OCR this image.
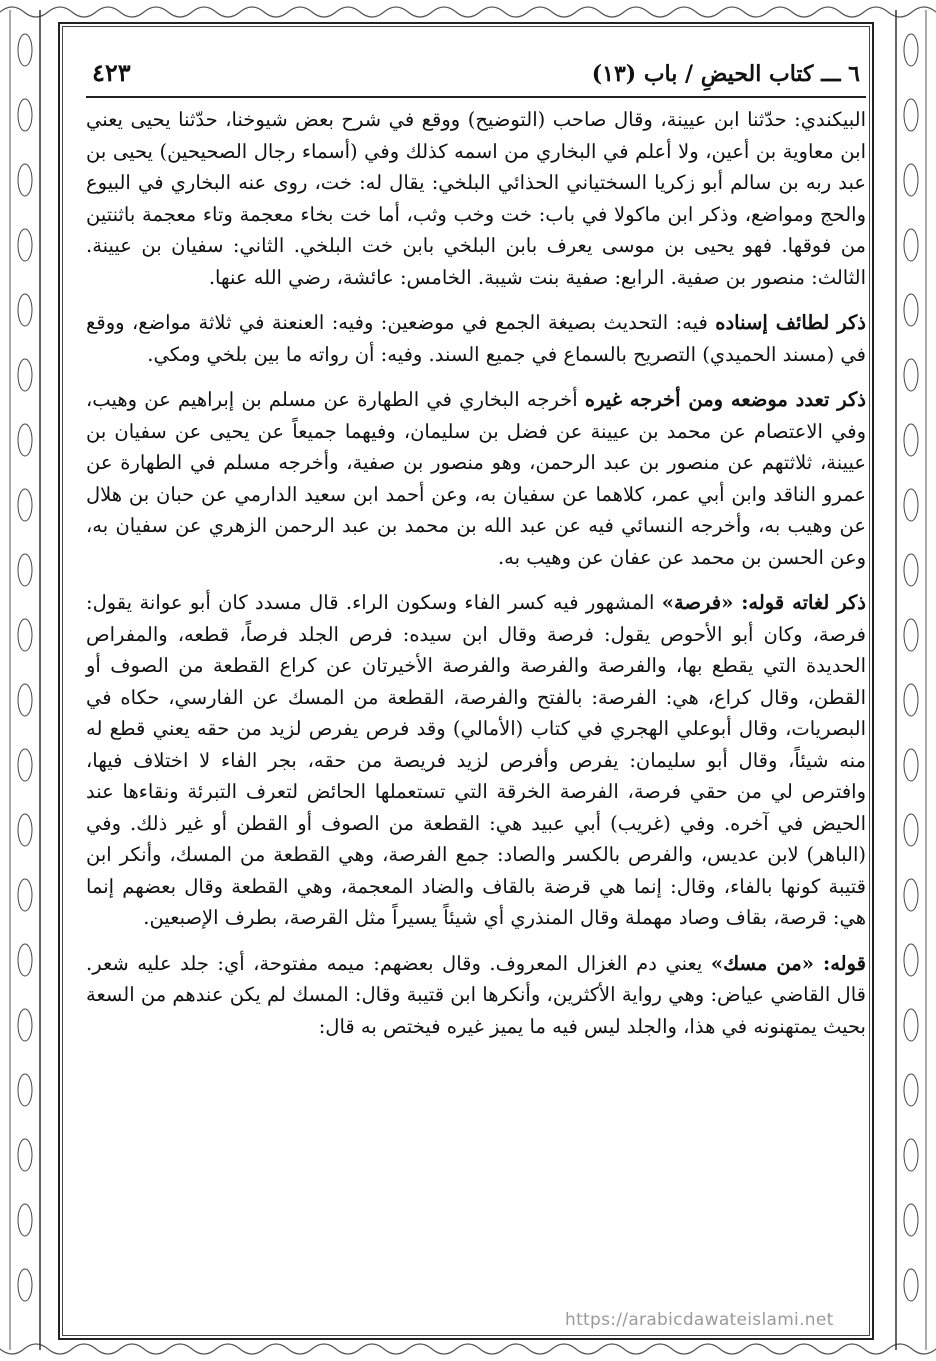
٦ ـــ كتاب الحيضِ / باب (١٣)
٤٢٣

البيكندي: حدّثنا ابن عيينة، وقال صاحب (التوضيح) ووقع في شرح بعض شيوخنا، حدّثنا يحيى يعني ابن معاوية بن أعين، ولا أعلم في البخاري من اسمه كذلك وفي (أسماء رجال الصحيحين) يحيى بن عبد ربه بن سالم أبو زكريا السختياني الحذائي البلخي: يقال له: خت، روى عنه البخاري في البيوع والحج ومواضع، وذكر ابن ماكولا في باب: خت وخب وثب، أما خت بخاء معجمة وتاء معجمة باثنتين من فوقها. فهو يحيى بن موسى يعرف بابن البلخي بابن خت البلخي. الثاني: سفيان بن عيينة. الثالث: منصور بن صفية. الرابع: صفية بنت شيبة. الخامس: عائشة، رضي الله عنها.

ذكر لطائف إسناده فيه: التحديث بصيغة الجمع في موضعين: وفيه: العنعنة في ثلاثة مواضع، ووقع في (مسند الحميدي) التصريح بالسماع في جميع السند. وفيه: أن رواته ما بين بلخي ومكي.

ذكر تعدد موضعه ومن أخرجه غيره أخرجه البخاري في الطهارة عن مسلم بن إبراهيم عن وهيب، وفي الاعتصام عن محمد بن عيينة عن فضل بن سليمان، وفيهما جميعاً عن يحيى عن سفيان بن عيينة، ثلاثتهم عن منصور بن عبد الرحمن، وهو منصور بن صفية، وأخرجه مسلم في الطهارة عن عمرو الناقد وابن أبي عمر، كلاهما عن سفيان به، وعن أحمد ابن سعيد الدارمي عن حبان بن هلال عن وهيب به، وأخرجه النسائي فيه عن عبد الله بن محمد بن عبد الرحمن الزهري عن سفيان به، وعن الحسن بن محمد عن عفان عن وهيب به.

ذكر لغاته قوله: «فرصة» المشهور فيه كسر الفاء وسكون الراء. قال مسدد كان أبو عوانة يقول: فرصة، وكان أبو الأحوص يقول: فرصة وقال ابن سيده: فرص الجلد فرصاً، قطعه، والمفراص الحديدة التي يقطع بها، والفرصة والفرصة والفرصة الأخيرتان عن كراع القطعة من الصوف أو القطن، وقال كراع، هي: الفرصة: بالفتح والفرصة، القطعة من المسك عن الفارسي، حكاه في البصريات، وقال أبوعلي الهجري في كتاب (الأمالي) وقد فرص يفرص لزيد من حقه يعني قطع له منه شيئاً، وقال أبو سليمان: يفرص وأفرص لزيد فريصة من حقه، بجر الفاء لا اختلاف فيها، وافترص لي من حقي فرصة، الفرصة الخرقة التي تستعملها الحائض لتعرف التبرئة ونقاءها عند الحيض في آخره. وفي (غريب) أبي عبيد هي: القطعة من الصوف أو القطن أو غير ذلك. وفي (الباهر) لابن عديس، والفرص بالكسر والصاد: جمع الفرصة، وهي القطعة من المسك، وأنكر ابن قتيبة كونها بالفاء، وقال: إنما هي قرضة بالقاف والضاد المعجمة، وهي القطعة وقال بعضهم إنما هي: قرصة، بقاف وصاد مهملة وقال المنذري أي شيئاً يسيراً مثل القرصة، بطرف الإصبعين.

قوله: «من مسك» يعني دم الغزال المعروف. وقال بعضهم: ميمه مفتوحة، أي: جلد عليه شعر. قال القاضي عياض: وهي رواية الأكثرين، وأنكرها ابن قتيبة وقال: المسك لم يكن عندهم من السعة بحيث يمتهنونه في هذا، والجلد ليس فيه ما يميز غيره فيختص به قال:

https://arabicdawateislami.net
